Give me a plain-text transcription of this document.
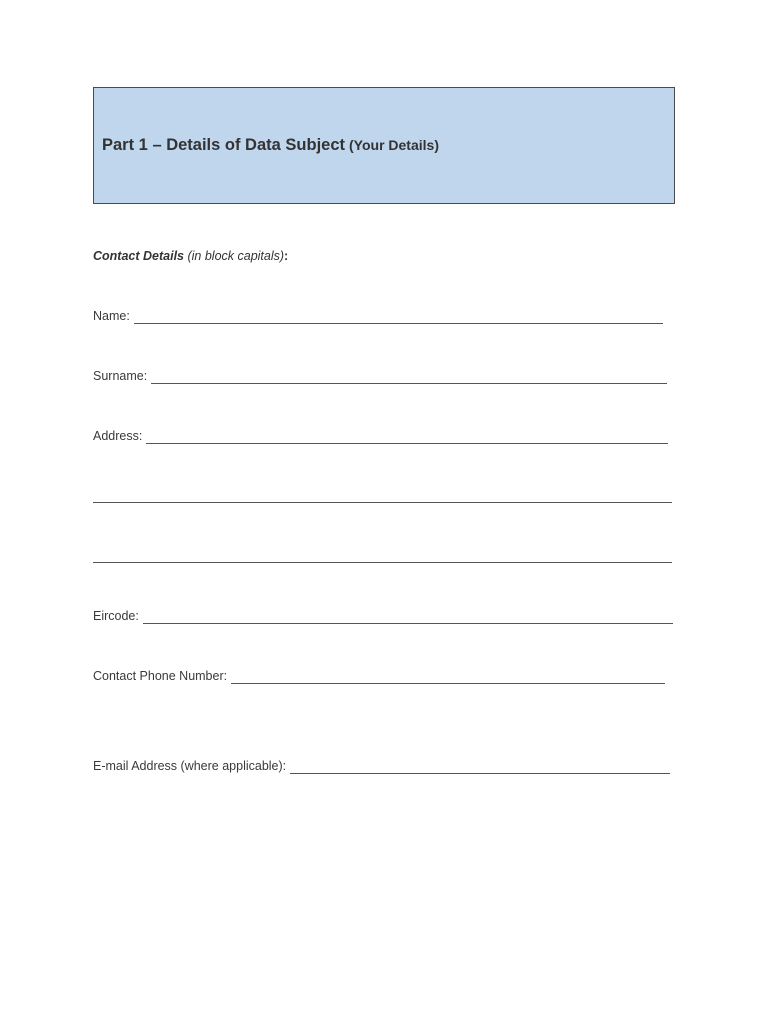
Part 1 – Details of Data Subject (Your Details)
Contact Details (in block capitals):
Name:
Surname:
Address:
Eircode:
Contact Phone Number:
E-mail Address (where applicable):
